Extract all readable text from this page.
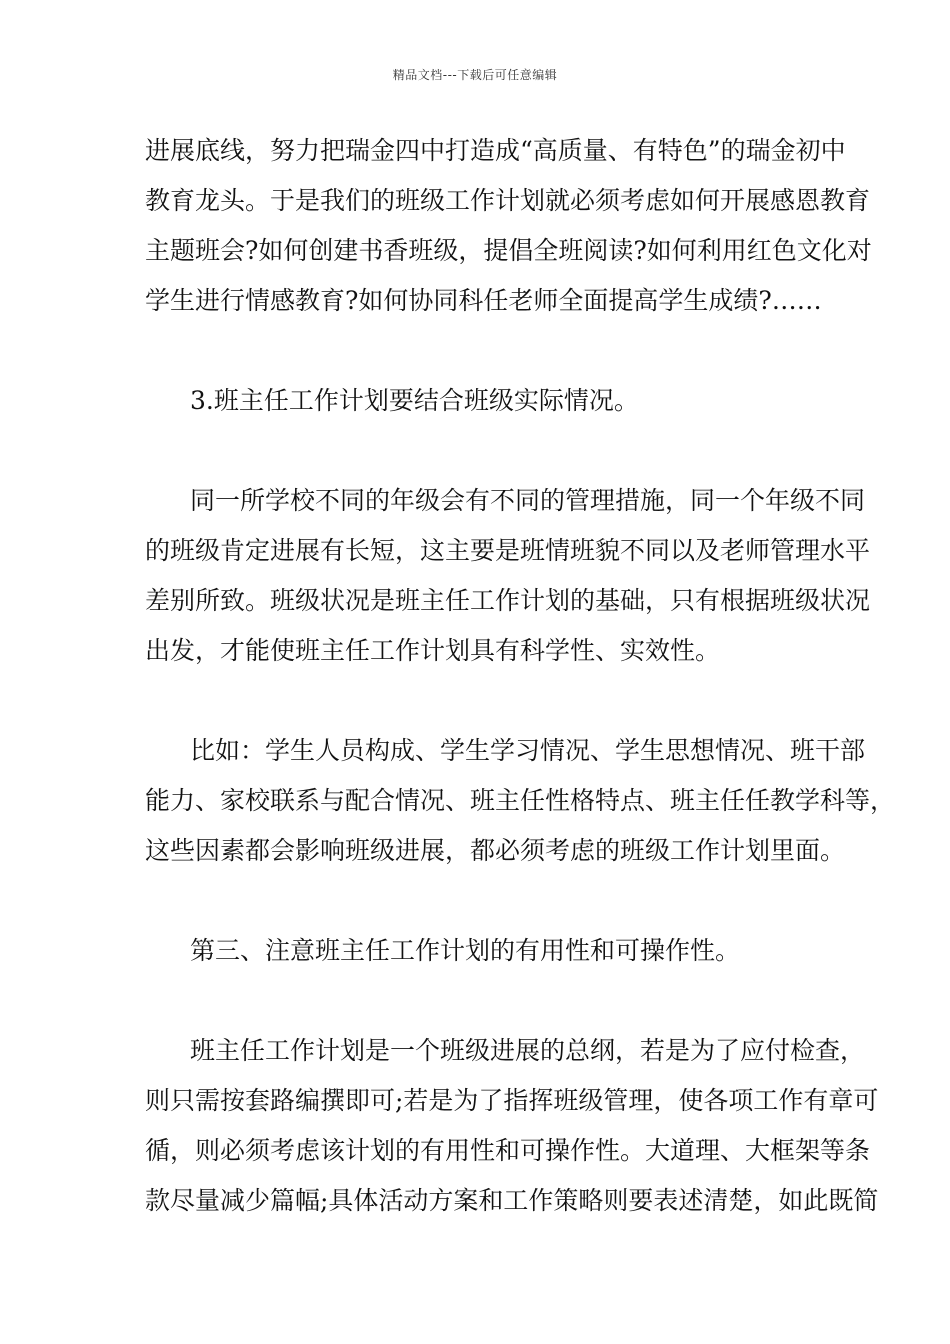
精品文档---下载后可任意编辑
进展底线，努力把瑞金四中打造成“高质量、有特色”的瑞金初中
教育龙头。于是我们的班级工作计划就必须考虑如何开展感恩教育
主题班会?如何创建书香班级，提倡全班阅读?如何利用红色文化对
学生进行情感教育?如何协同科任老师全面提高学生成绩?……
3.班主任工作计划要结合班级实际情况。
同一所学校不同的年级会有不同的管理措施，同一个年级不同
的班级肯定进展有长短，这主要是班情班貌不同以及老师管理水平
差别所致。班级状况是班主任工作计划的基础，只有根据班级状况
出发，才能使班主任工作计划具有科学性、实效性。
比如：学生人员构成、学生学习情况、学生思想情况、班干部
能力、家校联系与配合情况、班主任性格特点、班主任任教学科等，
这些因素都会影响班级进展，都必须考虑的班级工作计划里面。
第三、注意班主任工作计划的有用性和可操作性。
班主任工作计划是一个班级进展的总纲，若是为了应付检查，
则只需按套路编撰即可;若是为了指挥班级管理，使各项工作有章可
循，则必须考虑该计划的有用性和可操作性。大道理、大框架等条
款尽量减少篇幅;具体活动方案和工作策略则要表述清楚，如此既简
